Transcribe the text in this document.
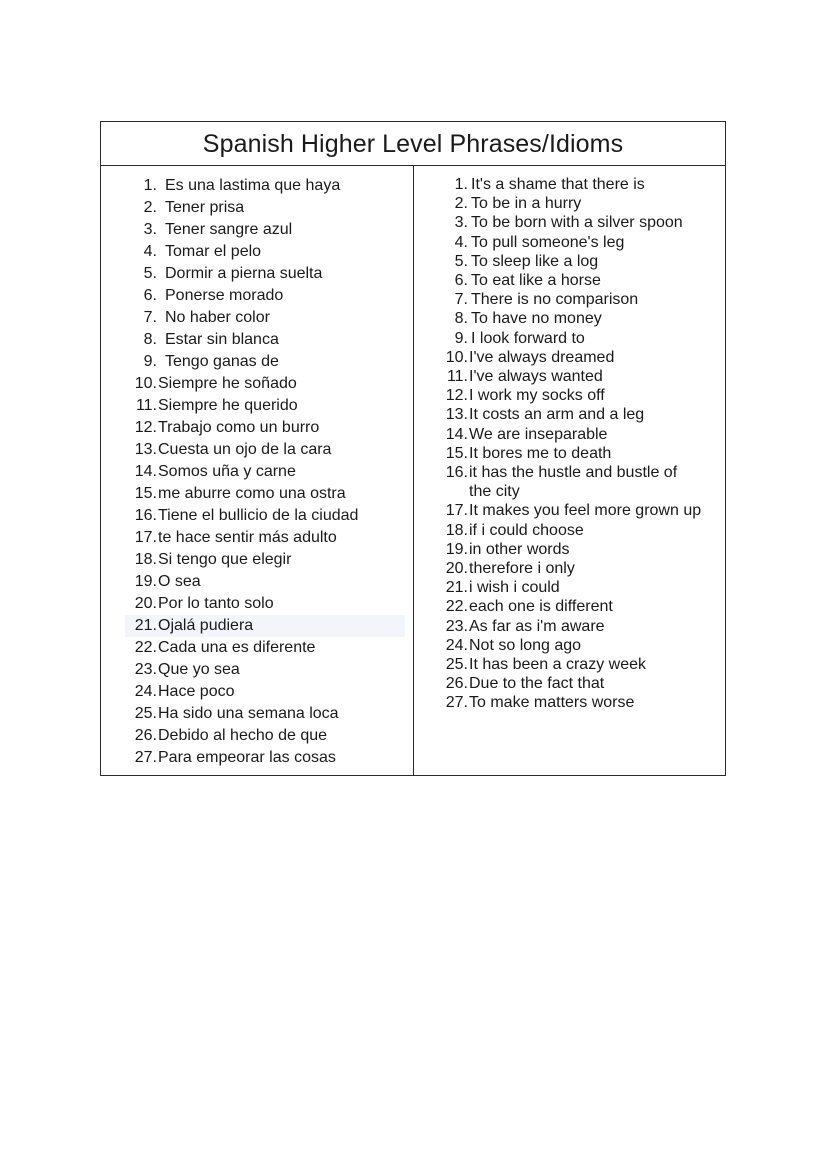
Spanish Higher Level Phrases/Idioms
1. Es una lastima que haya
2. Tener prisa
3. Tener sangre azul
4. Tomar el pelo
5. Dormir a pierna suelta
6. Ponerse morado
7. No haber color
8. Estar sin blanca
9. Tengo ganas de
10. Siempre he soñado
11. Siempre he querido
12. Trabajo como un burro
13. Cuesta un ojo de la cara
14. Somos uña y carne
15. me aburre como una ostra
16. Tiene el bullicio de la ciudad
17. te hace sentir más adulto
18. Si tengo que elegir
19. O sea
20. Por lo tanto solo
21. Ojalá pudiera
22. Cada una es diferente
23. Que yo sea
24. Hace poco
25. Ha sido una semana loca
26. Debido al hecho de que
27. Para empeorar las cosas
1. It's a shame that there is
2. To be in a hurry
3. To be born with a silver spoon
4. To pull someone's leg
5. To sleep like a log
6. To eat like a horse
7. There is no comparison
8. To have no money
9. I look forward to
10. I've always dreamed
11. I've always wanted
12. I work my socks off
13. It costs an arm and a leg
14. We are inseparable
15. It bores me to death
16. it has the hustle and bustle of the city
17. It makes you feel more grown up
18. if i could choose
19. in other words
20. therefore i only
21. i wish i could
22. each one is different
23. As far as i'm aware
24. Not so long ago
25. It has been a crazy week
26. Due to the fact that
27. To make matters worse
